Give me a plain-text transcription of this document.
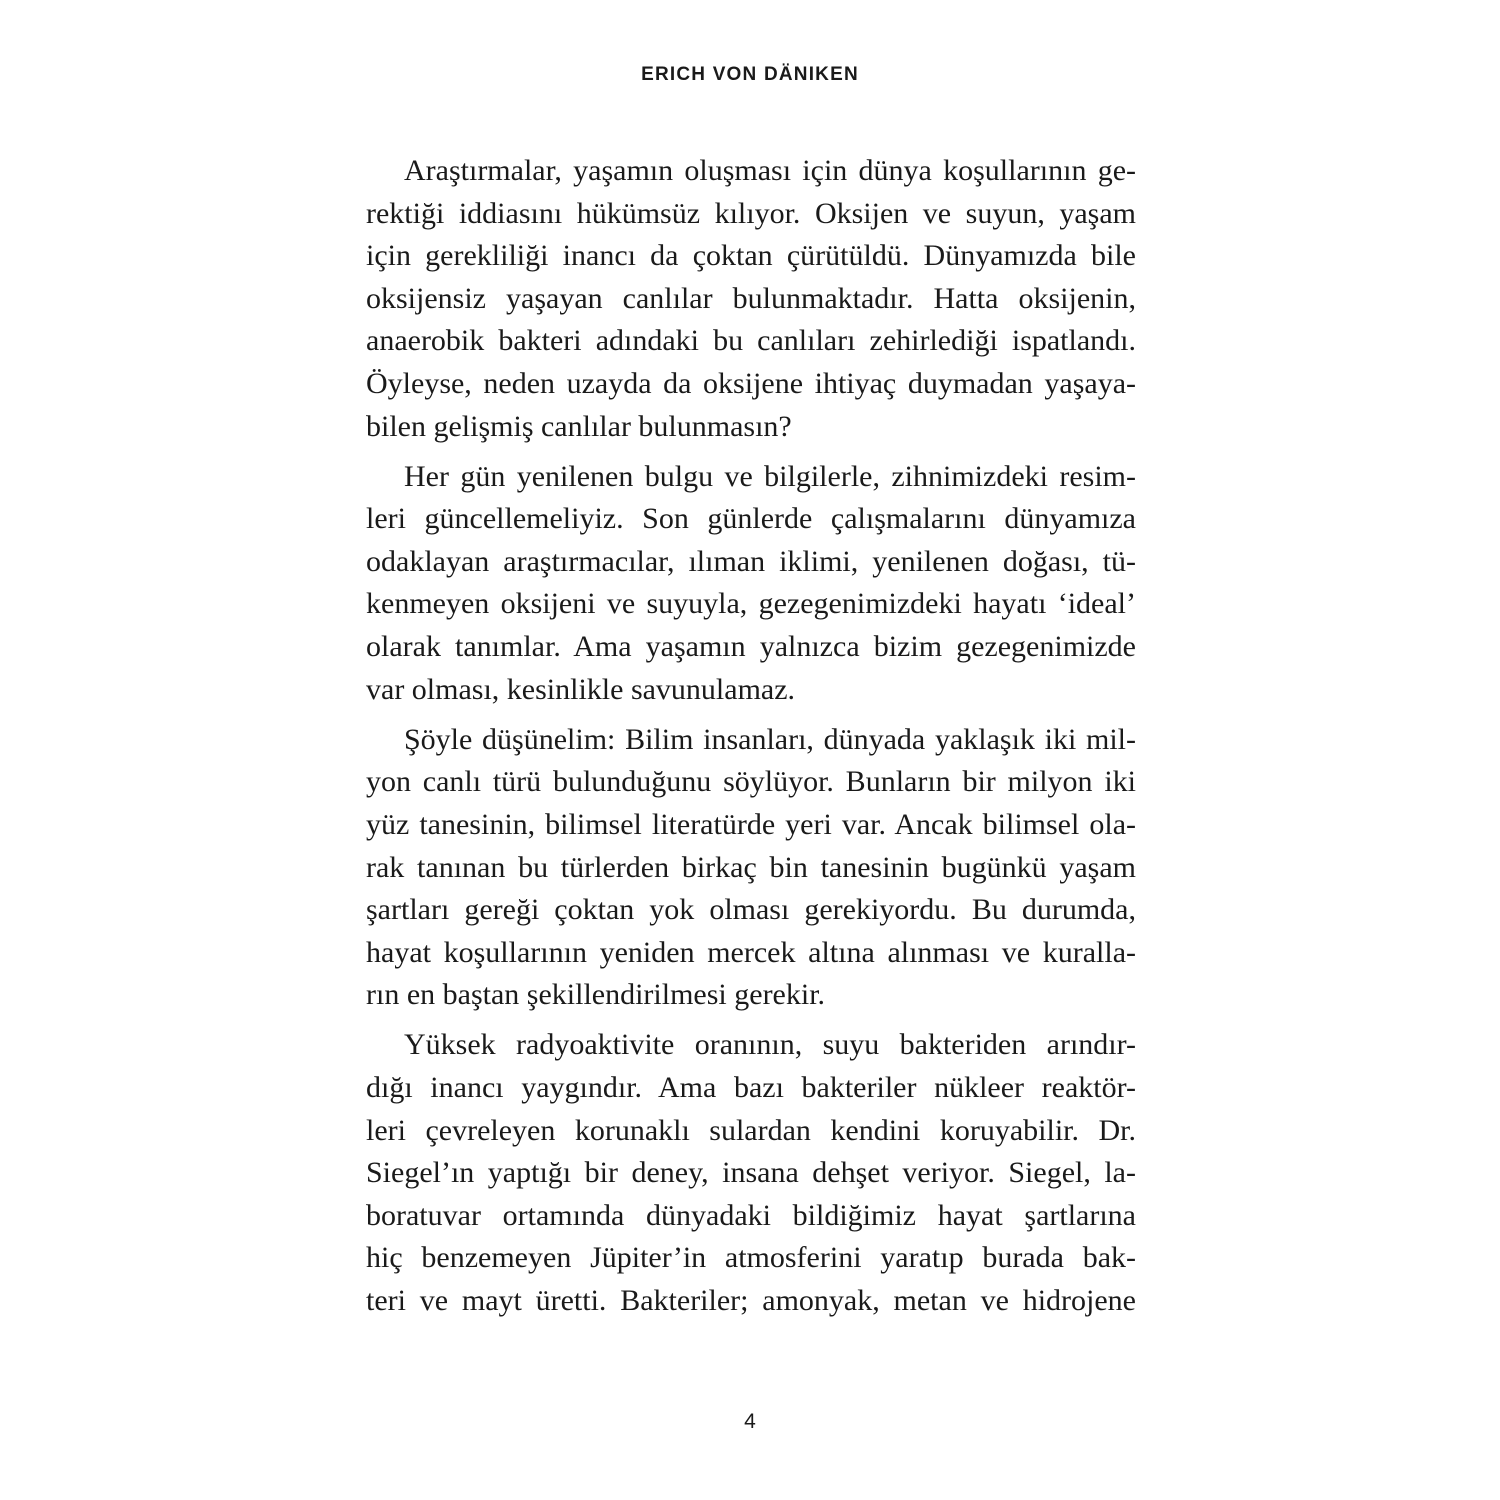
ERICH VON DÄNIKEN

Araştırmalar, yaşamın oluşması için dünya koşullarının ge-
rektiği iddiasını hükümsüz kılıyor. Oksijen ve suyun, yaşam
için gerekliliği inancı da çoktan çürütüldü. Dünyamızda bile
oksijensiz yaşayan canlılar bulunmaktadır. Hatta oksijenin,
anaerobik bakteri adındaki bu canlıları zehirlediği ispatlandı.
Öyleyse, neden uzayda da oksijene ihtiyaç duymadan yaşaya-
bilen gelişmiş canlılar bulunmasın?

Her gün yenilenen bulgu ve bilgilerle, zihnimizdeki resim-
leri güncellemeliyiz. Son günlerde çalışmalarını dünyamıza
odaklayan araştırmacılar, ılıman iklimi, yenilenen doğası, tü-
kenmeyen oksijeni ve suyuyla, gezegenimizdeki hayatı ‘ideal’
olarak tanımlar. Ama yaşamın yalnızca bizim gezegenimizde
var olması, kesinlikle savunulamaz.

Şöyle düşünelim: Bilim insanları, dünyada yaklaşık iki mil-
yon canlı türü bulunduğunu söylüyor. Bunların bir milyon iki
yüz tanesinin, bilimsel literatürde yeri var. Ancak bilimsel ola-
rak tanınan bu türlerden birkaç bin tanesinin bugünkü yaşam
şartları gereği çoktan yok olması gerekiyordu. Bu durumda,
hayat koşullarının yeniden mercek altına alınması ve kuralla-
rın en baştan şekillendirilmesi gerekir.

Yüksek radyoaktivite oranının, suyu bakteriden arındır-
dığı inancı yaygındır. Ama bazı bakteriler nükleer reaktör-
leri çevreleyen korunaklı sulardan kendini koruyabilir. Dr.
Siegel’ın yaptığı bir deney, insana dehşet veriyor. Siegel, la-
boratuvar ortamında dünyadaki bildiğimiz hayat şartlarına
hiç benzemeyen Jüpiter’in atmosferini yaratıp burada bak-
teri ve mayt üretti. Bakteriler; amonyak, metan ve hidrojene

4
